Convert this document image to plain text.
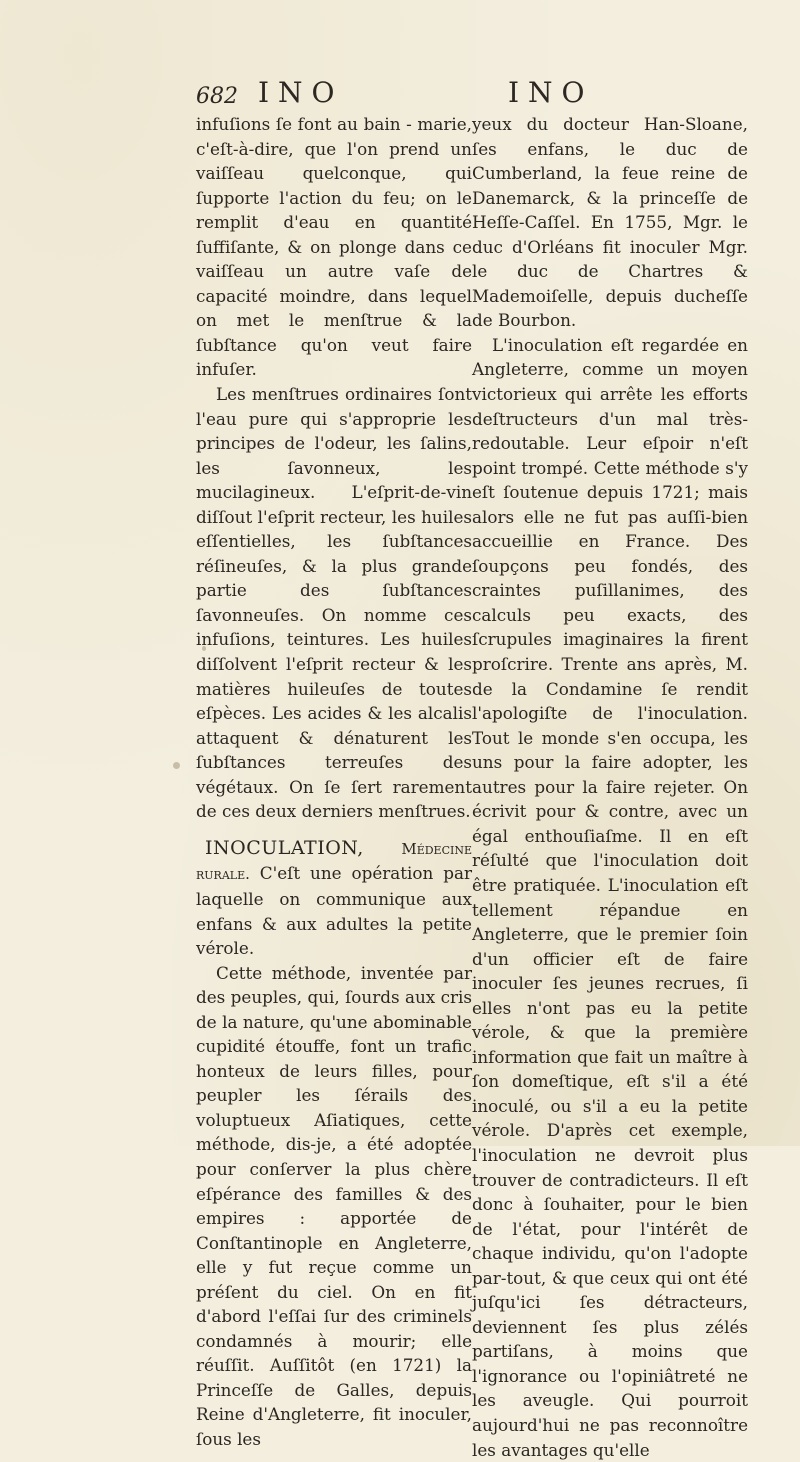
682 INO	INO

infuſions ſe font au bain - marie, c'eſt-à-dire, que l'on prend un vaiſſeau quelconque, qui ſupporte l'action du feu; on le remplit d'eau en quantité ſuffiſante, & on plonge dans ce vaiſſeau un autre vaſe de capacité moindre, dans lequel on met le menſtrue & la ſubſtance qu'on veut faire infuſer.

Les menſtrues ordinaires ſont l'eau pure qui s'approprie les principes de l'odeur, les ſalins, les ſavonneux, les mucilagineux. L'eſprit-de-vin diſſout l'eſprit recteur, les huiles eſſentielles, les ſubſtances réſineuſes, & la plus grande partie des ſubſtances ſavonneuſes. On nomme ces infuſions, teintures. Les huiles diſſolvent l'eſprit recteur & les matières huileuſes de toutes eſpèces. Les acides & les alcalis attaquent & dénaturent les ſubſtances terreuſes des végétaux. On ſe ſert rarement de ces deux derniers menſtrues.

INOCULATION,	Médecine rurale. C'eſt une opération par laquelle on communique aux enfans & aux adultes la petite vérole.

Cette méthode, inventée par des peuples, qui, ſourds aux cris de la nature, qu'une abominable cupidité étouffe, font un trafic honteux de leurs filles, pour peupler les ſérails des voluptueux Aſiatiques, cette méthode, dis-je, a été adoptée pour conſerver la plus chère eſpérance des familles & des empires : apportée de Conſtantinople en Angleterre, elle y fut reçue comme un préſent du ciel. On en fit d'abord l'eſſai ſur des criminels condamnés à mourir; elle réuſſit. Auſſitôt (en 1721) la Princeſſe de Galles, depuis Reine d'Angleterre, fit inoculer, ſous les

yeux du docteur Han-Sloane, ſes enfans, le duc de Cumberland, la feue reine de Danemarck, & la princeſſe de Heſſe-Caſſel. En 1755, Mgr. le duc d'Orléans fit inoculer Mgr. le duc de Chartres & Mademoiſelle, depuis ducheſſe de Bourbon.

L'inoculation eſt regardée en Angleterre, comme un moyen victorieux qui arrête les efforts deſtructeurs d'un mal très-redoutable. Leur eſpoir n'eſt point trompé. Cette méthode s'y eſt ſoutenue depuis 1721; mais alors elle ne fut pas auſſi-bien accueillie en France. Des ſoupçons peu fondés, des craintes puſillanimes, des calculs peu exacts, des ſcrupules imaginaires la firent proſcrire. Trente ans après, M. de la Condamine ſe rendit l'apologiſte de l'inoculation. Tout le monde s'en occupa, les uns pour la faire adopter, les autres pour la faire rejeter. On écrivit pour & contre, avec un égal enthouſiaſme. Il en eſt réſulté que l'inoculation doit être pratiquée. L'inoculation eſt tellement répandue en Angleterre, que le premier ſoin d'un officier eſt de faire inoculer ſes jeunes recrues, ſi elles n'ont pas eu la petite vérole, & que la première information que fait un maître à ſon domeſtique, eſt s'il a été inoculé, ou s'il a eu la petite vérole. D'après cet exemple, l'inoculation ne devroit plus trouver de contradicteurs. Il eſt donc à ſouhaiter, pour le bien de l'état, pour l'intérêt de chaque individu, qu'on l'adopte par-tout, & que ceux qui ont été juſqu'ici ſes détracteurs, deviennent ſes plus zélés partiſans, à moins que l'ignorance ou l'opiniâtreté ne les aveugle. Qui pourroit aujourd'hui ne pas reconnoître les avantages qu'elle
